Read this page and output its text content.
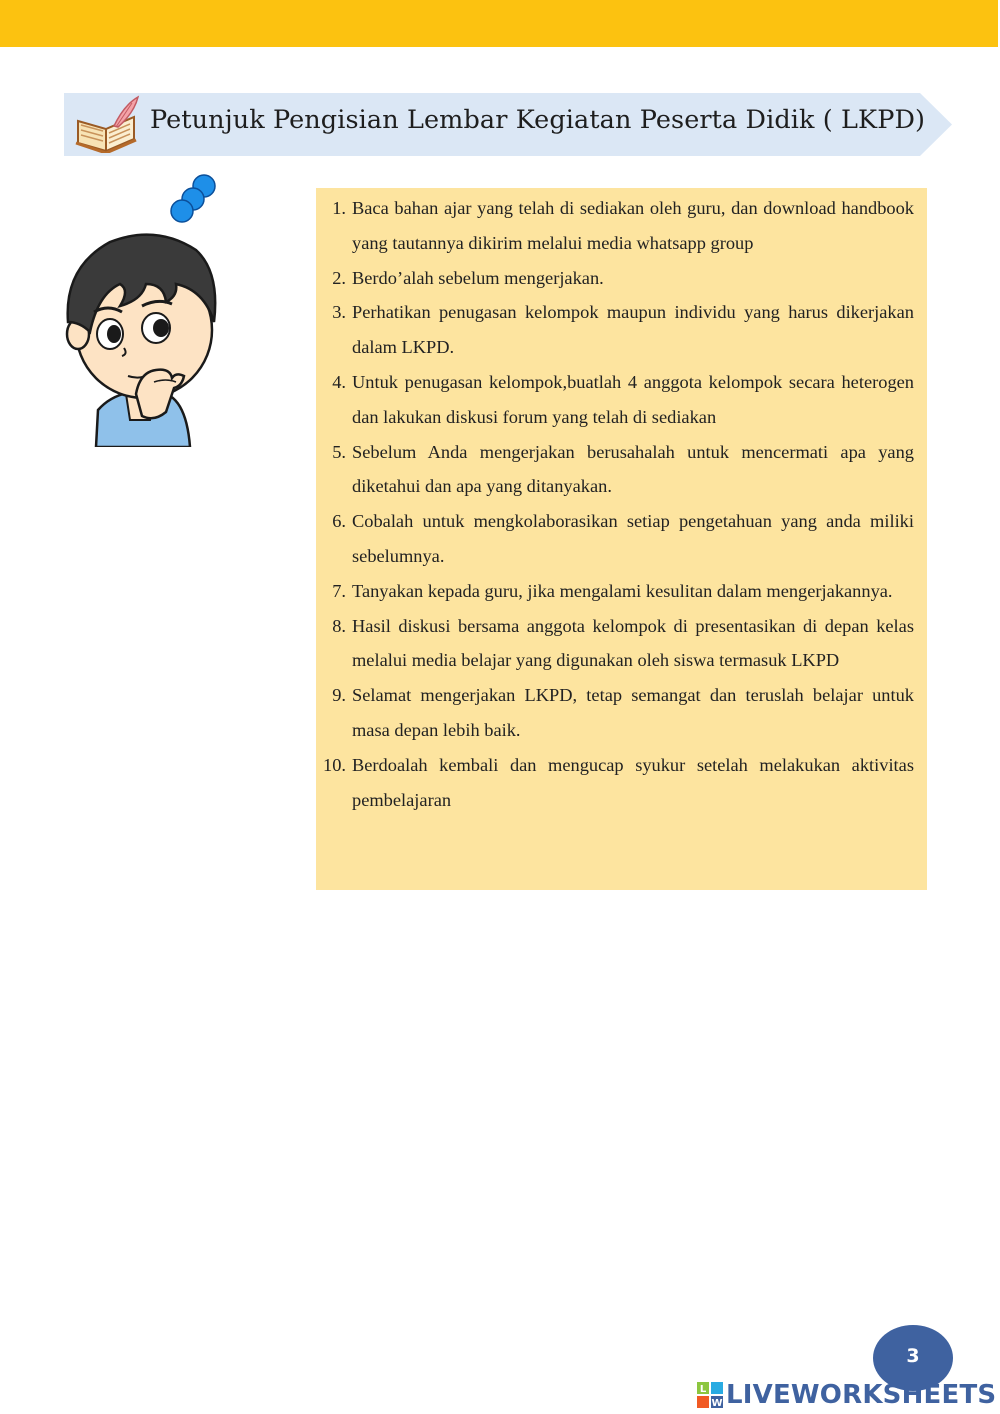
Petunjuk Pengisian Lembar Kegiatan Peserta Didik ( LKPD)
1. Baca bahan ajar yang telah di sediakan oleh guru, dan download handbook yang tautannya dikirim melalui media whatsapp group
2. Berdo’alah sebelum mengerjakan.
3. Perhatikan penugasan kelompok maupun individu yang harus dikerjakan dalam LKPD.
4. Untuk penugasan kelompok,buatlah 4 anggota kelompok secara heterogen dan lakukan diskusi forum yang telah di sediakan
5. Sebelum Anda mengerjakan berusahalah untuk mencermati apa yang diketahui dan apa yang ditanyakan.
6. Cobalah untuk mengkolaborasikan setiap pengetahuan yang anda miliki sebelumnya.
7. Tanyakan kepada guru, jika mengalami kesulitan dalam mengerjakannya.
8. Hasil diskusi bersama anggota kelompok di presentasikan di depan kelas melalui media belajar yang digunakan oleh siswa termasuk LKPD
9. Selamat mengerjakan LKPD, tetap semangat dan teruslah belajar untuk masa depan lebih baik.
10. Berdoalah kembali dan mengucap syukur setelah melakukan aktivitas pembelajaran
3
L
W LIVEWORKSHEETS
